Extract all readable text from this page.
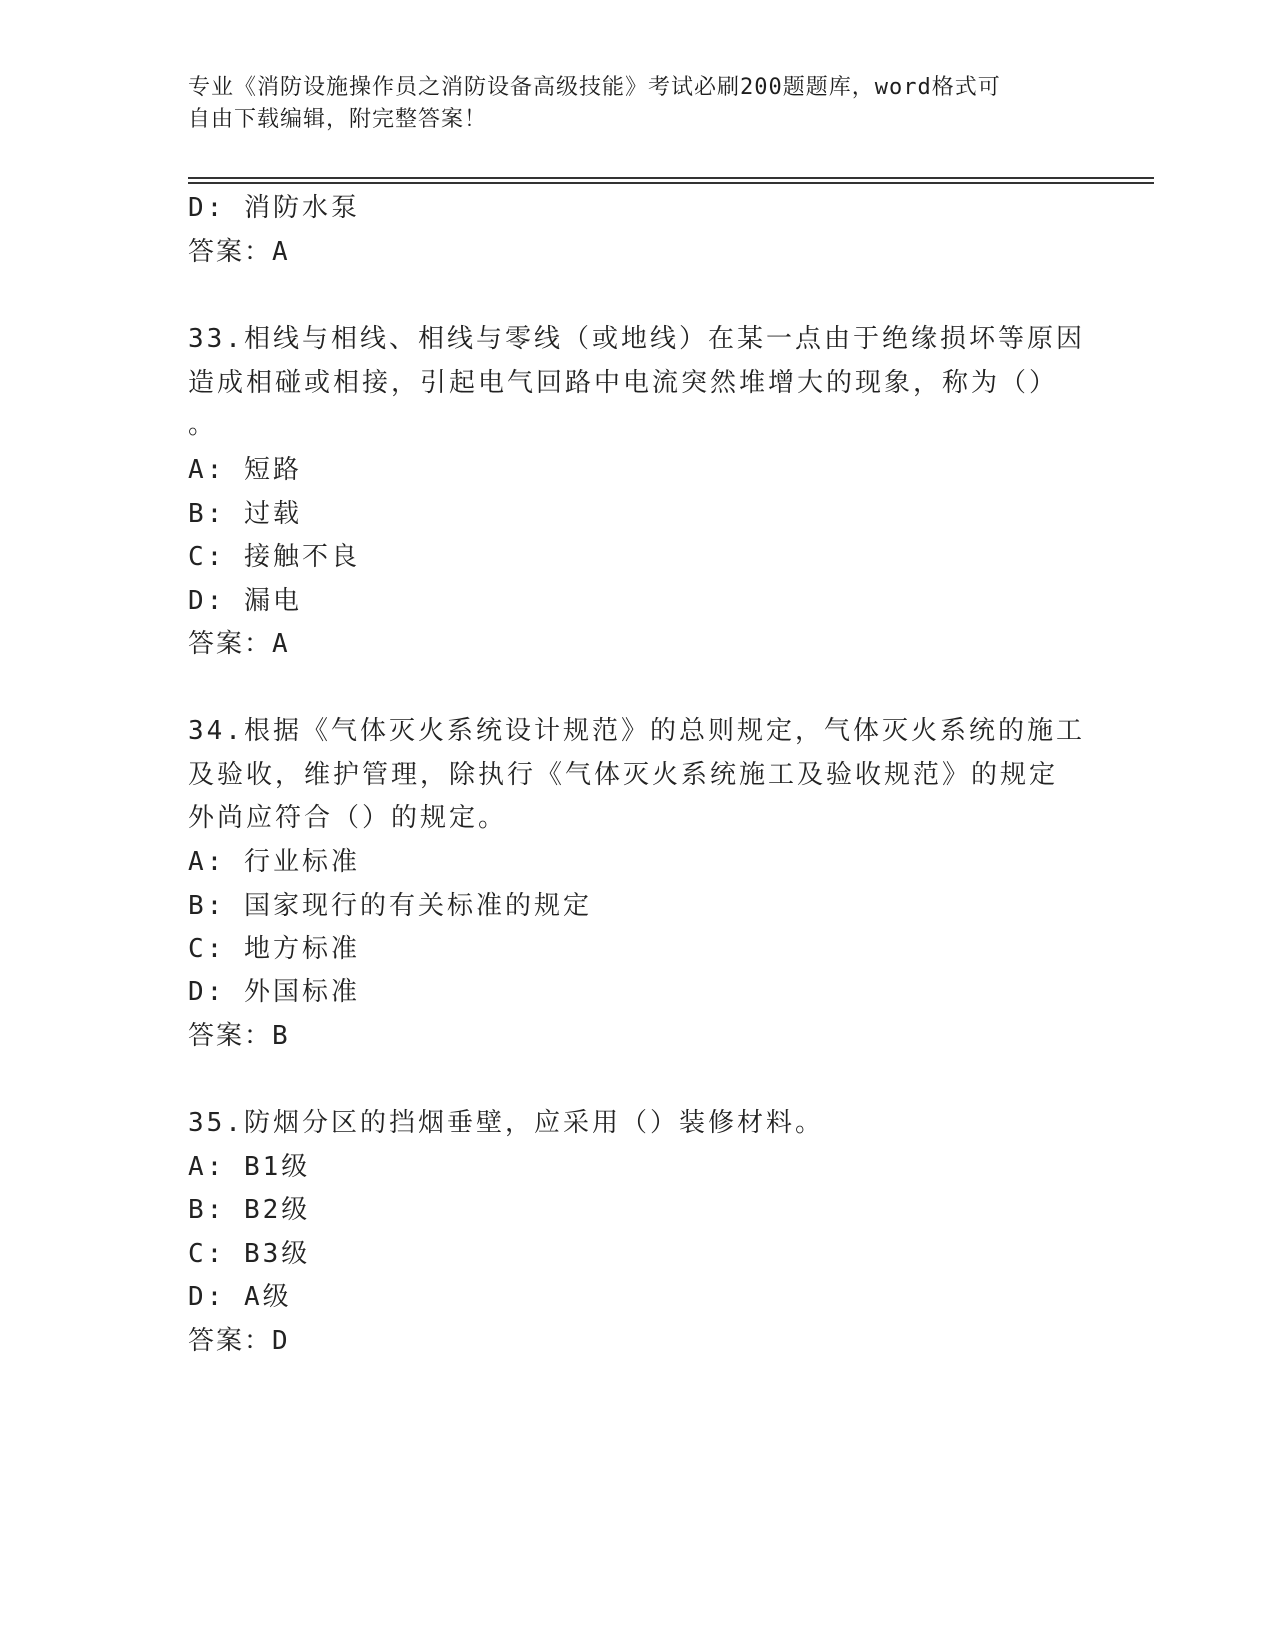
专业《消防设施操作员之消防设备高级技能》考试必刷200题题库，word格式可
自由下载编辑，附完整答案！
D: 消防水泵
答案：A
33.相线与相线、相线与零线（或地线）在某一点由于绝缘损坏等原因
造成相碰或相接，引起电气回路中电流突然堆增大的现象，称为（）
。
A: 短路
B: 过载
C: 接触不良
D: 漏电
答案：A
34.根据《气体灭火系统设计规范》的总则规定，气体灭火系统的施工
及验收，维护管理，除执行《气体灭火系统施工及验收规范》的规定
外尚应符合（）的规定。
A: 行业标准
B: 国家现行的有关标准的规定
C: 地方标准
D: 外国标准
答案：B
35.防烟分区的挡烟垂壁，应采用（）装修材料。
A: B1级
B: B2级
C: B3级
D: A级
答案：D
